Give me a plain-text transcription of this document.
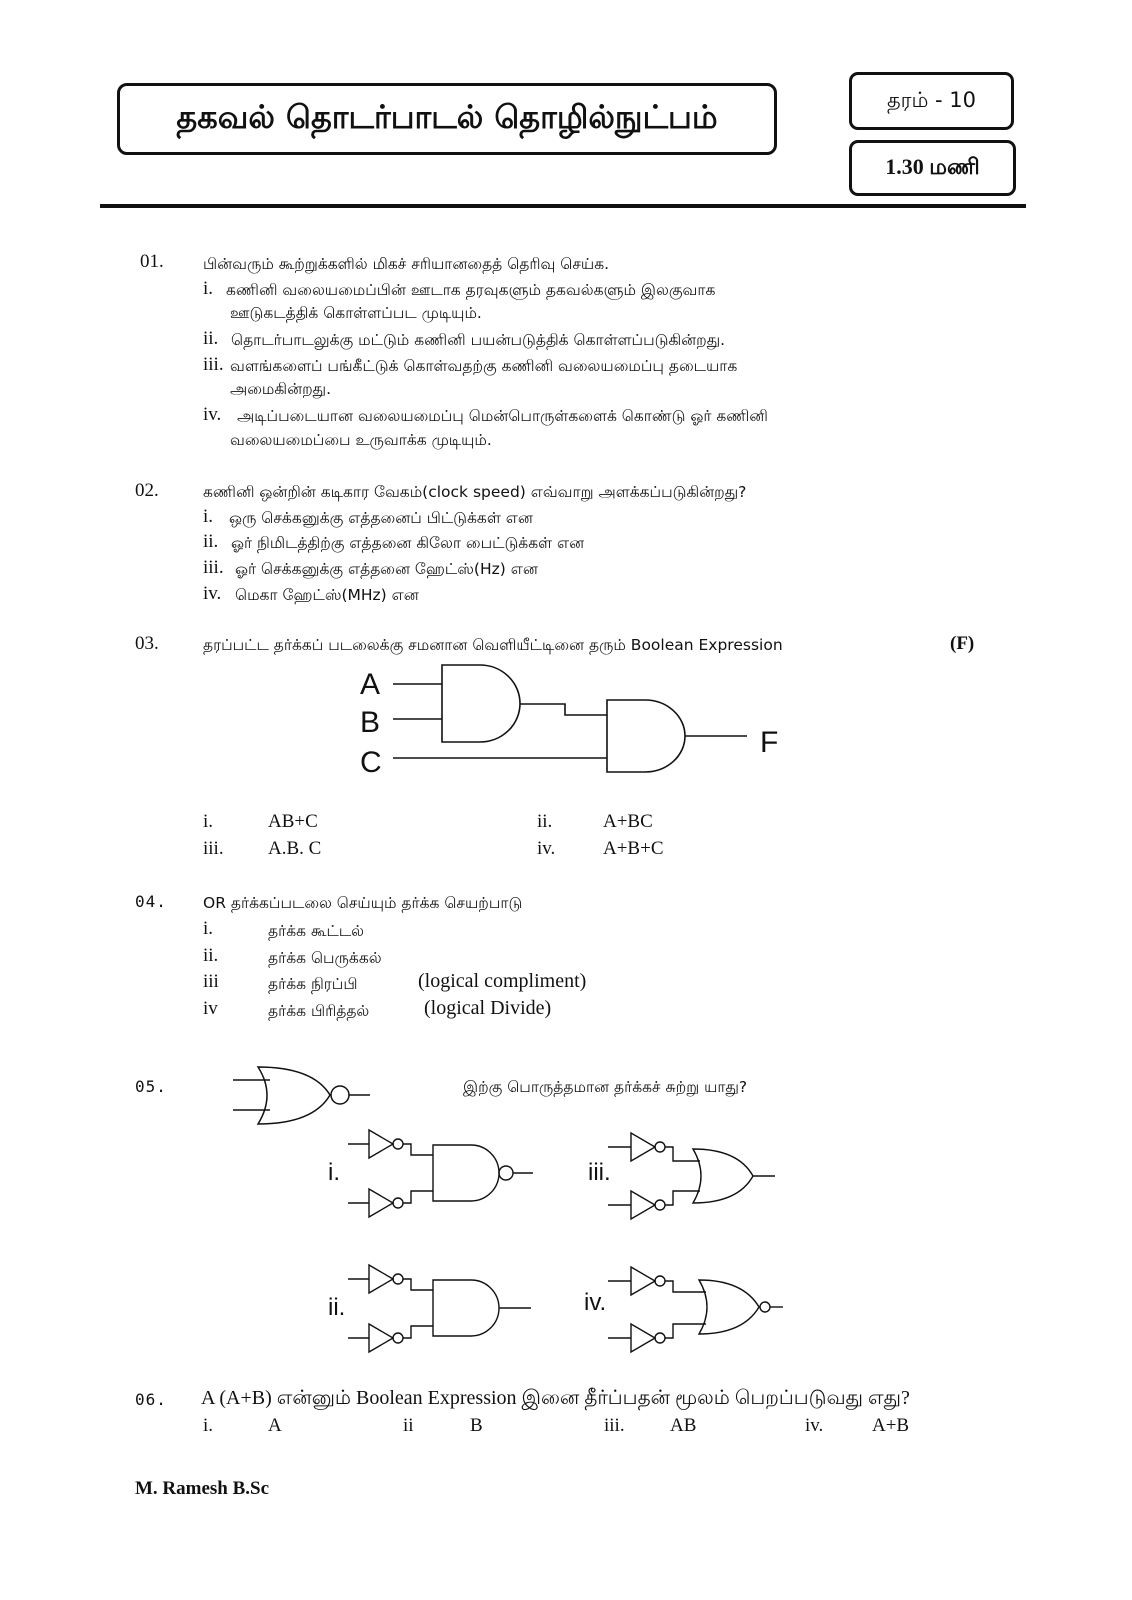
தகவல் தொடர்பாடல் தொழில்நுட்பம்	தரம் - 10
1.30 மணி
01.	பின்வரும் கூற்றுக்களில் மிகச் சரியானதைத் தெரிவு செய்க.
i. கணினி வலையமைப்பின் ஊடாக தரவுகளும் தகவல்களும் இலகுவாக
ஊடுகடத்திக் கொள்ளப்பட முடியும்.
ii. தொடர்பாடலுக்கு மட்டும் கணினி பயன்படுத்திக் கொள்ளப்படுகின்றது.
iii. வளங்களைப் பங்கீட்டுக் கொள்வதற்கு கணினி வலையமைப்பு தடையாக
அமைகின்றது.
iv. அடிப்படையான வலையமைப்பு மென்பொருள்களைக் கொண்டு ஓர் கணினி
வலையமைப்பை உருவாக்க முடியும்.
02.	கணினி ஒன்றின் கடிகார வேகம்(clock speed) எவ்வாறு அளக்கப்படுகின்றது?
i. ஒரு செக்கனுக்கு எத்தனைப் பிட்டுக்கள் என
ii. ஓர் நிமிடத்திற்கு எத்தனை கிலோ பைட்டுக்கள் என
iii. ஓர் செக்கனுக்கு எத்தனை ஹேட்ஸ்(Hz) என
iv. மெகா ஹேட்ஸ்(MHz) என
03.	தரப்பட்ட தர்க்கப் படலைக்கு சமனான வெளியீட்டினை தரும் Boolean Expression	(F)
A
B
C
F
i.	AB+C	ii.	A+BC
iii. A.B. C	iv.	A+B+C
04. OR தர்க்கப்படலை செய்யும் தர்க்க செயற்பாடு
i.	தர்க்க கூட்டல்
ii.	தர்க்க பெருக்கல்
iii	தர்க்க நிரப்பி	(logical compliment)
iv	தர்க்க பிரித்தல்	(logical Divide)
05.	இற்கு பொருத்தமான தர்க்கச் சுற்று யாது?
i.
ii.
iii.
iv.
06. A (A+B) என்னும் Boolean Expression இனை தீர்ப்பதன் மூலம் பெறப்படுவது எது?
i.	A	ii	B	iii. AB	iv.	A+B
M. Ramesh B.Sc
